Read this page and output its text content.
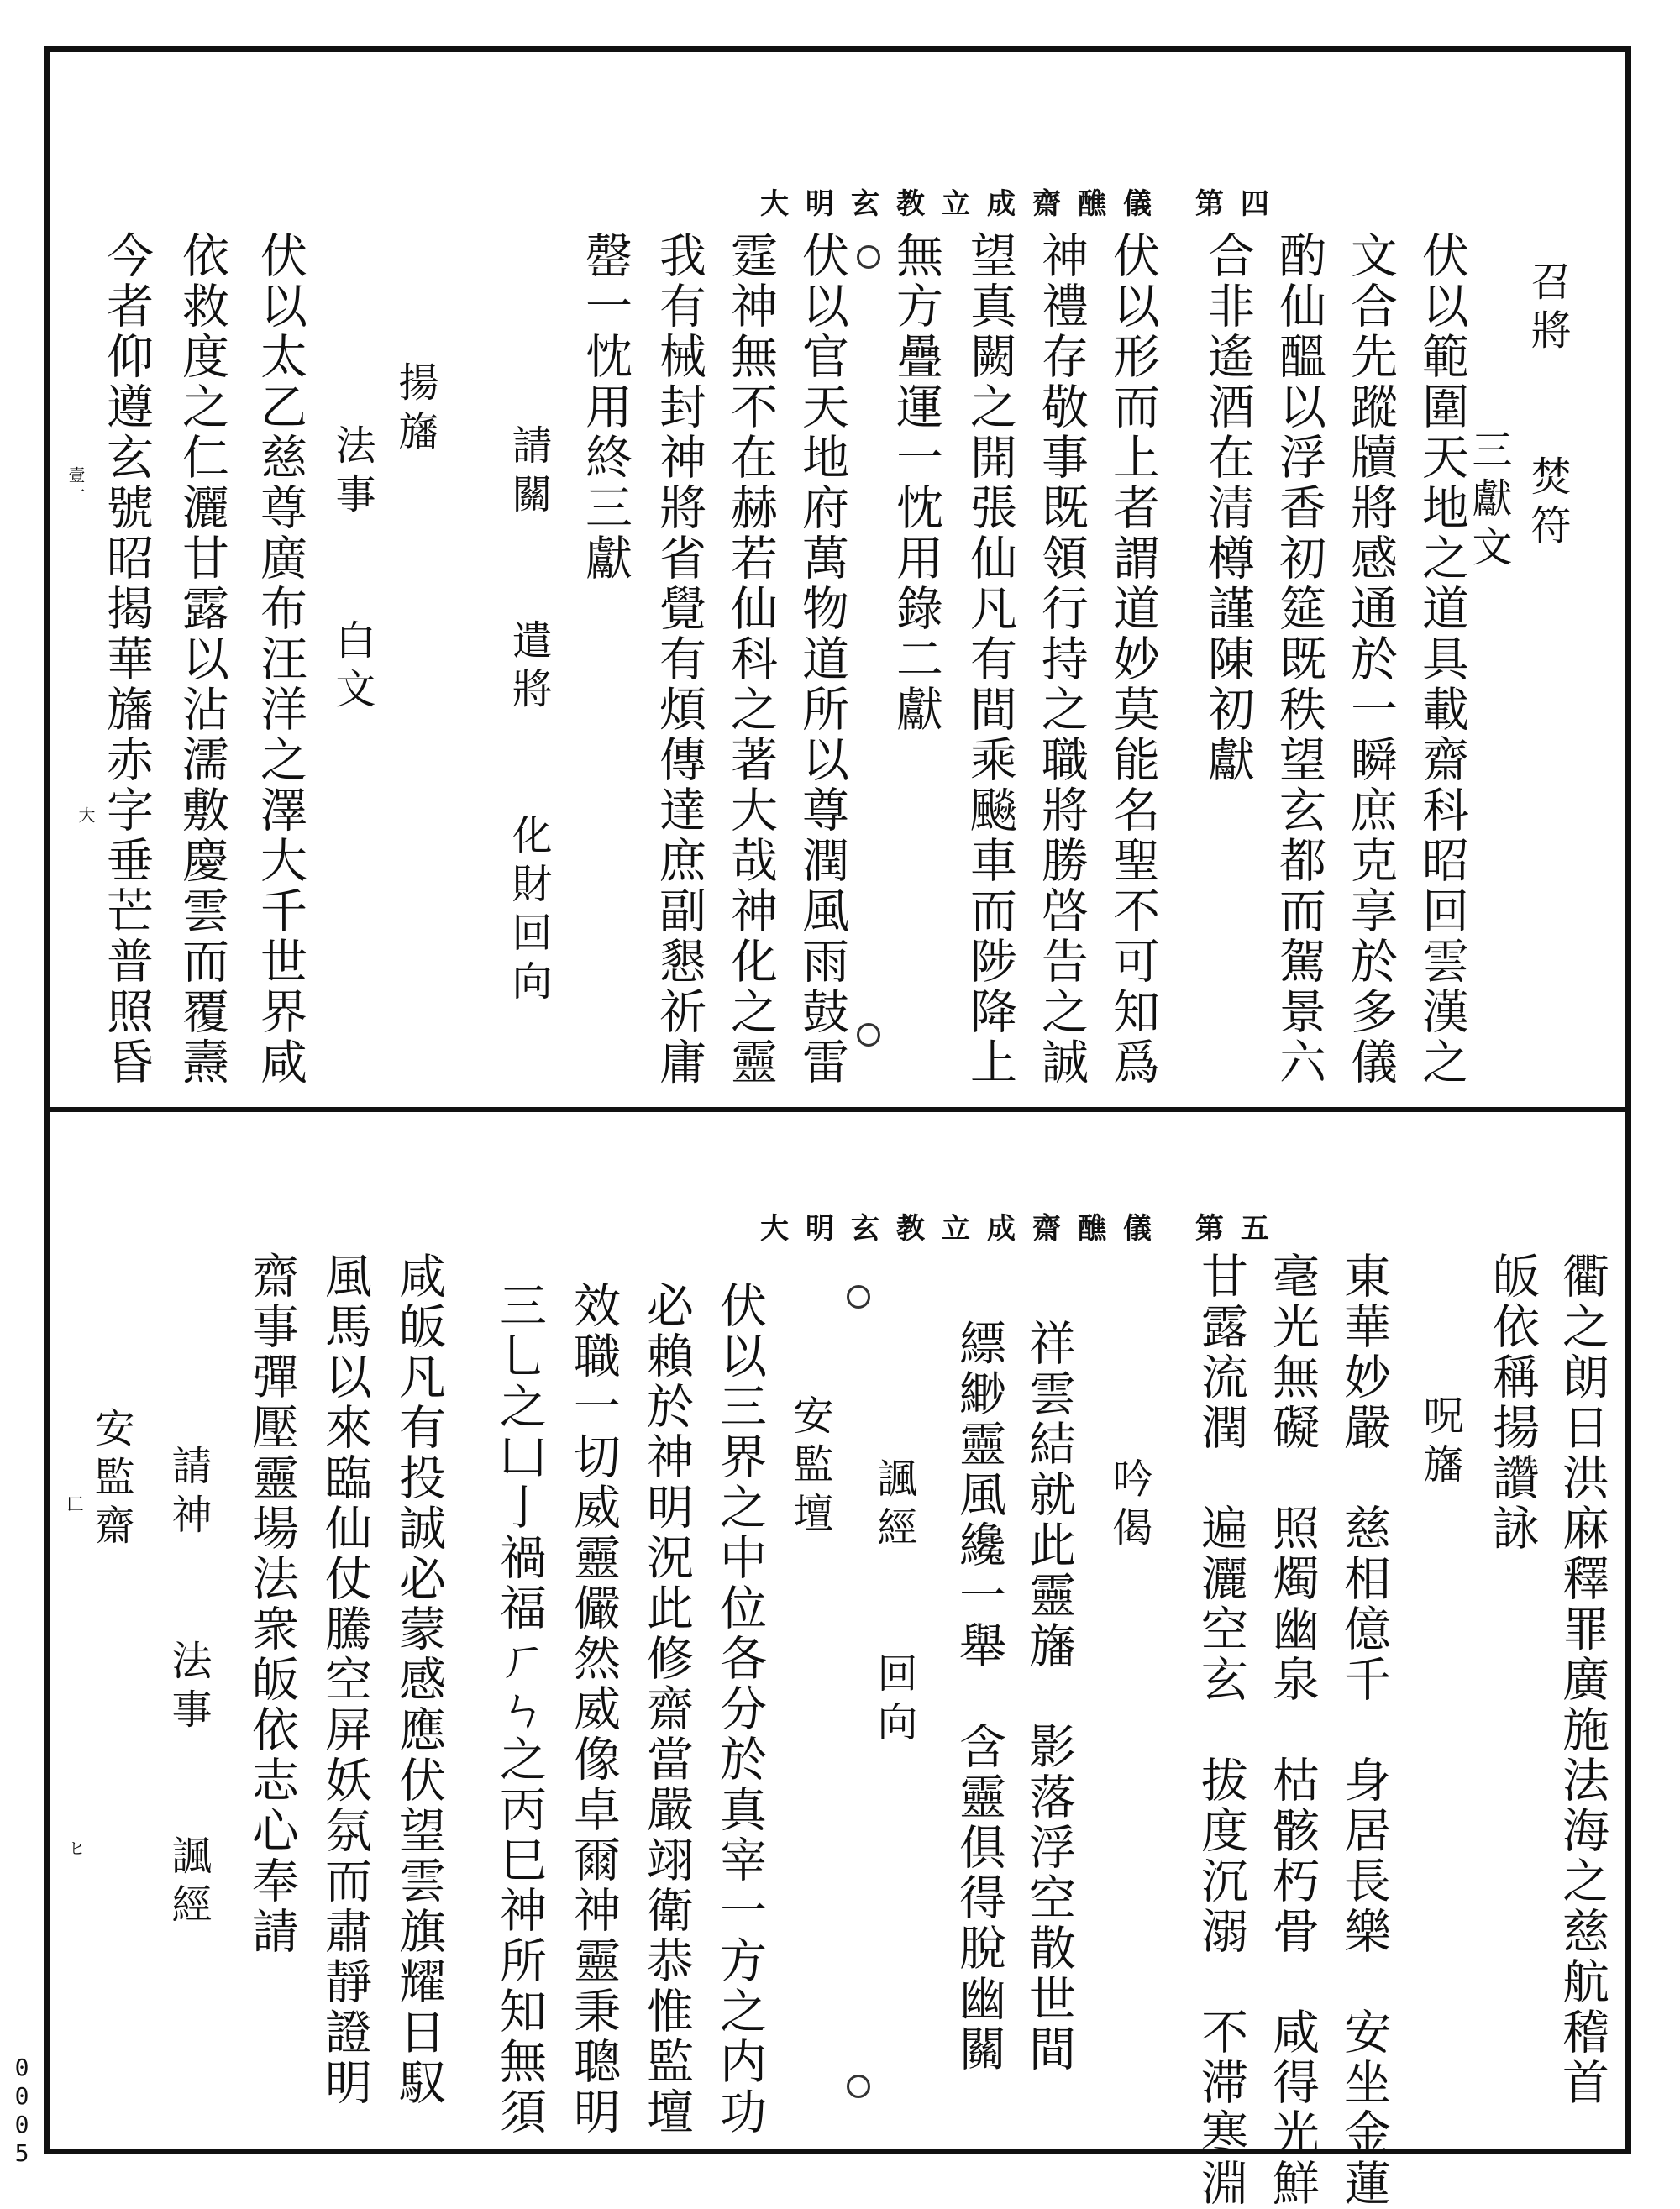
大明玄教立成齋醮儀 第四
召將　　焚符
三獻文
伏以範圍天地之道具載齋科昭回雲漢之
文合先蹤牘將感通於一瞬庶克享於多儀
酌仙醞以浮香初筵既秩望玄都而駕景六
合非遙酒在清樽謹陳初獻
伏以形而上者謂道妙莫能名聖不可知爲
神禮存敬事既領行持之職將勝啓告之誠
望真闕之開張仙凡有間乘飈車而陟降上
無方疊運一忱用錄二獻
伏以官天地府萬物道所以尊潤風雨鼓雷
霆神無不在赫若仙科之著大哉神化之靈
我有械封神將省覺有煩傳達庶副懇祈庸
罄一忱用終三獻
請關　　遣將　　化財回向
揚旛
法事　　白文
伏以太乙慈尊廣布汪洋之澤大千世界咸
依救度之仁灑甘露以沾濡敷慶雲而覆燾
今者仰遵玄號昭揭華旛赤字垂芒普照昏
壹一
大
大明玄教立成齋醮儀 第五
衢之朗日洪麻釋罪廣施法海之慈航稽首
皈依稱揚讚詠
呪旛
東華妙嚴　慈相億千　身居長樂　安坐金蓮
毫光無礙　照燭幽泉　枯骸朽骨　咸得光鮮
甘露流潤　遍灑空玄　拔度沉溺　不滞寒淵
吟偈
祥雲結就此靈旛　影落浮空散世間
縹緲靈風纔一舉　含靈俱得脫幽關
諷經　　回向
安監壇
伏以三界之中位各分於真宰一方之内功
必賴於神明況此修齋當嚴翊衛恭惟監壇
效職一切威靈儼然威像卓爾神靈秉聰明
三乚之凵亅禍福ㄏㄣ之丙巳神所知無須
咸皈凡有投誠必蒙感應伏望雲旗耀日馭
風馬以來臨仙仗騰空屏妖氛而肅靜證明
齋事彈壓靈場法衆皈依志心奉請
請神　　法事　　諷經
安監齋
匚
ヒ
0
0
0
5
